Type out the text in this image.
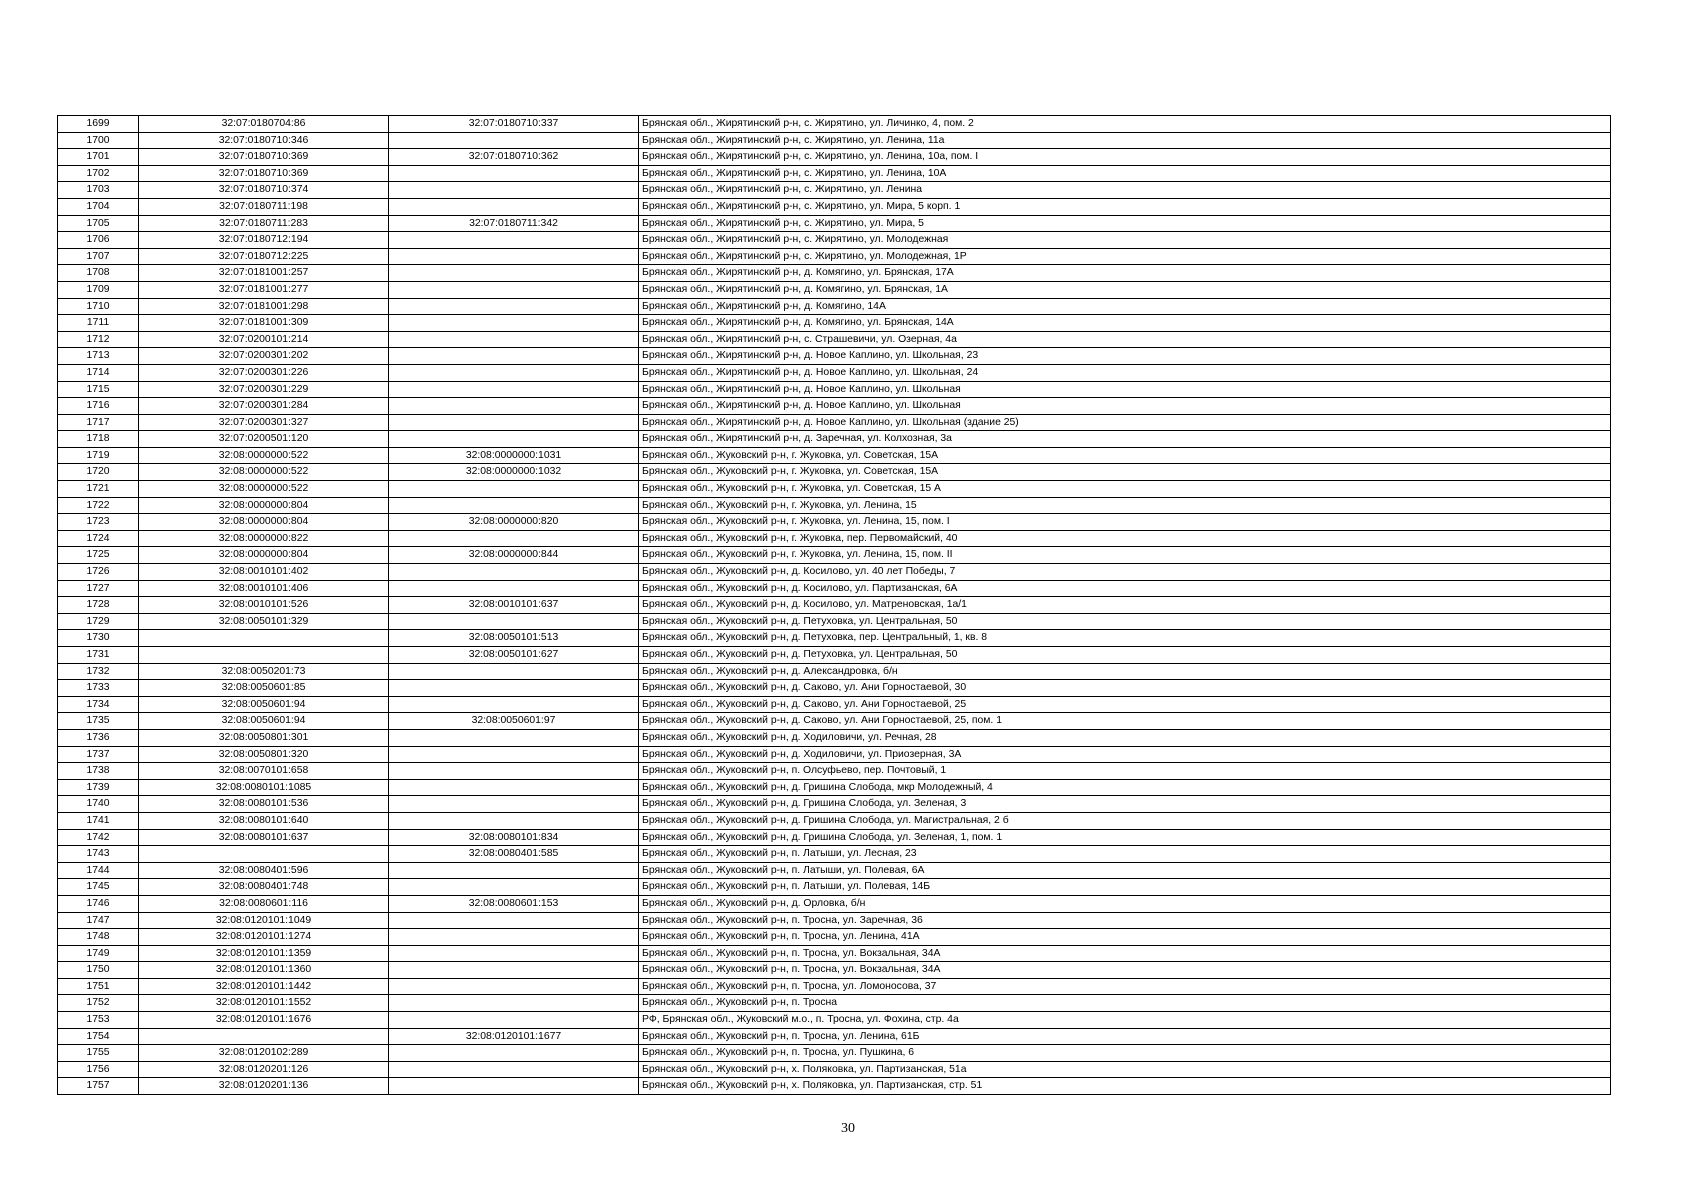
1699	32:07:0180704:86	32:07:0180710:337	Брянская обл., Жирятинский р-н, с. Жирятино, ул. Личинко, 4, пом. 2
1700	32:07:0180710:346		Брянская обл., Жирятинский р-н, с. Жирятино, ул. Ленина, 11а
1701	32:07:0180710:369	32:07:0180710:362	Брянская обл., Жирятинский р-н, с. Жирятино, ул. Ленина, 10а, пом. I
1702	32:07:0180710:369		Брянская обл., Жирятинский р-н, с. Жирятино, ул. Ленина, 10А
1703	32:07:0180710:374		Брянская обл., Жирятинский р-н, с. Жирятино, ул. Ленина
1704	32:07:0180711:198		Брянская обл., Жирятинский р-н, с. Жирятино, ул. Мира, 5 корп. 1
1705	32:07:0180711:283	32:07:0180711:342	Брянская обл., Жирятинский р-н, с. Жирятино, ул. Мира, 5
1706	32:07:0180712:194		Брянская обл., Жирятинский р-н, с. Жирятино, ул. Молодежная
1707	32:07:0180712:225		Брянская обл., Жирятинский р-н, с. Жирятино, ул. Молодежная, 1Р
1708	32:07:0181001:257		Брянская обл., Жирятинский р-н, д. Комягино, ул. Брянская, 17А
1709	32:07:0181001:277		Брянская обл., Жирятинский р-н, д. Комягино, ул. Брянская, 1А
1710	32:07:0181001:298		Брянская обл., Жирятинский р-н, д. Комягино, 14А
1711	32:07:0181001:309		Брянская обл., Жирятинский р-н, д. Комягино, ул. Брянская, 14А
1712	32:07:0200101:214		Брянская обл., Жирятинский р-н, с. Страшевичи, ул. Озерная, 4а
1713	32:07:0200301:202		Брянская обл., Жирятинский р-н, д. Новое Каплино, ул. Школьная, 23
1714	32:07:0200301:226		Брянская обл., Жирятинский р-н, д. Новое Каплино, ул. Школьная, 24
1715	32:07:0200301:229		Брянская обл., Жирятинский р-н, д. Новое Каплино, ул. Школьная
1716	32:07:0200301:284		Брянская обл., Жирятинский р-н, д. Новое Каплино, ул. Школьная
1717	32:07:0200301:327		Брянская обл., Жирятинский р-н, д. Новое Каплино, ул. Школьная (здание 25)
1718	32:07:0200501:120		Брянская обл., Жирятинский р-н, д. Заречная, ул. Колхозная, 3а
1719	32:08:0000000:522	32:08:0000000:1031	Брянская обл., Жуковский р-н, г. Жуковка, ул. Советская, 15А
1720	32:08:0000000:522	32:08:0000000:1032	Брянская обл., Жуковский р-н, г. Жуковка, ул. Советская, 15А
1721	32:08:0000000:522		Брянская обл., Жуковский р-н, г. Жуковка, ул. Советская, 15 А
1722	32:08:0000000:804		Брянская обл., Жуковский р-н, г. Жуковка, ул. Ленина, 15
1723	32:08:0000000:804	32:08:0000000:820	Брянская обл., Жуковский р-н, г. Жуковка, ул. Ленина, 15, пом. I
1724	32:08:0000000:822		Брянская обл., Жуковский р-н, г. Жуковка, пер. Первомайский, 40
1725	32:08:0000000:804	32:08:0000000:844	Брянская обл., Жуковский р-н, г. Жуковка, ул. Ленина, 15, пом. II
1726	32:08:0010101:402		Брянская обл., Жуковский р-н, д. Косилово, ул. 40 лет Победы, 7
1727	32:08:0010101:406		Брянская обл., Жуковский р-н, д. Косилово, ул. Партизанская, 6А
1728	32:08:0010101:526	32:08:0010101:637	Брянская обл., Жуковский р-н, д. Косилово, ул. Матреновская, 1а/1
1729	32:08:0050101:329		Брянская обл., Жуковский р-н, д. Петуховка, ул. Центральная, 50
1730		32:08:0050101:513	Брянская обл., Жуковский р-н, д. Петуховка, пер. Центральный, 1, кв. 8
1731		32:08:0050101:627	Брянская обл., Жуковский р-н, д. Петуховка, ул. Центральная, 50
1732	32:08:0050201:73		Брянская обл., Жуковский р-н, д. Александровка, б/н
1733	32:08:0050601:85		Брянская обл., Жуковский р-н, д. Саково, ул. Ани Горностаевой, 30
1734	32:08:0050601:94		Брянская обл., Жуковский р-н, д. Саково, ул. Ани Горностаевой, 25
1735	32:08:0050601:94	32:08:0050601:97	Брянская обл., Жуковский р-н, д. Саково, ул. Ани Горностаевой, 25, пом. 1
1736	32:08:0050801:301		Брянская обл., Жуковский р-н, д. Ходиловичи, ул. Речная, 28
1737	32:08:0050801:320		Брянская обл., Жуковский р-н, д. Ходиловичи, ул. Приозерная, 3А
1738	32:08:0070101:658		Брянская обл., Жуковский р-н, п. Олсуфьево, пер. Почтовый, 1
1739	32:08:0080101:1085		Брянская обл., Жуковский р-н, д. Гришина Слобода, мкр Молодежный, 4
1740	32:08:0080101:536		Брянская обл., Жуковский р-н, д. Гришина Слобода, ул. Зеленая, 3
1741	32:08:0080101:640		Брянская обл., Жуковский р-н, д. Гришина Слобода, ул. Магистральная, 2 б
1742	32:08:0080101:637	32:08:0080101:834	Брянская обл., Жуковский р-н, д. Гришина Слобода, ул. Зеленая, 1, пом. 1
1743		32:08:0080401:585	Брянская обл., Жуковский р-н, п. Латыши, ул. Лесная, 23
1744	32:08:0080401:596		Брянская обл., Жуковский р-н, п. Латыши, ул. Полевая, 6А
1745	32:08:0080401:748		Брянская обл., Жуковский р-н, п. Латыши, ул. Полевая, 14Б
1746	32:08:0080601:116	32:08:0080601:153	Брянская обл., Жуковский р-н, д. Орловка, б/н
1747	32:08:0120101:1049		Брянская обл., Жуковский р-н, п. Тросна, ул. Заречная, 36
1748	32:08:0120101:1274		Брянская обл., Жуковский р-н, п. Тросна, ул. Ленина, 41А
1749	32:08:0120101:1359		Брянская обл., Жуковский р-н, п. Тросна, ул. Вокзальная, 34А
1750	32:08:0120101:1360		Брянская обл., Жуковский р-н, п. Тросна, ул. Вокзальная, 34А
1751	32:08:0120101:1442		Брянская обл., Жуковский р-н, п. Тросна, ул. Ломоносова, 37
1752	32:08:0120101:1552		Брянская обл., Жуковский р-н, п. Тросна
1753	32:08:0120101:1676		РФ, Брянская обл., Жуковский м.о., п. Тросна, ул. Фохина, стр. 4а
1754		32:08:0120101:1677	Брянская обл., Жуковский р-н, п. Тросна, ул. Ленина, 61Б
1755	32:08:0120102:289		Брянская обл., Жуковский р-н, п. Тросна, ул. Пушкина, 6
1756	32:08:0120201:126		Брянская обл., Жуковский р-н, х. Поляковка, ул. Партизанская, 51а
1757	32:08:0120201:136		Брянская обл., Жуковский р-н, х. Поляковка, ул. Партизанская, стр. 51
30
